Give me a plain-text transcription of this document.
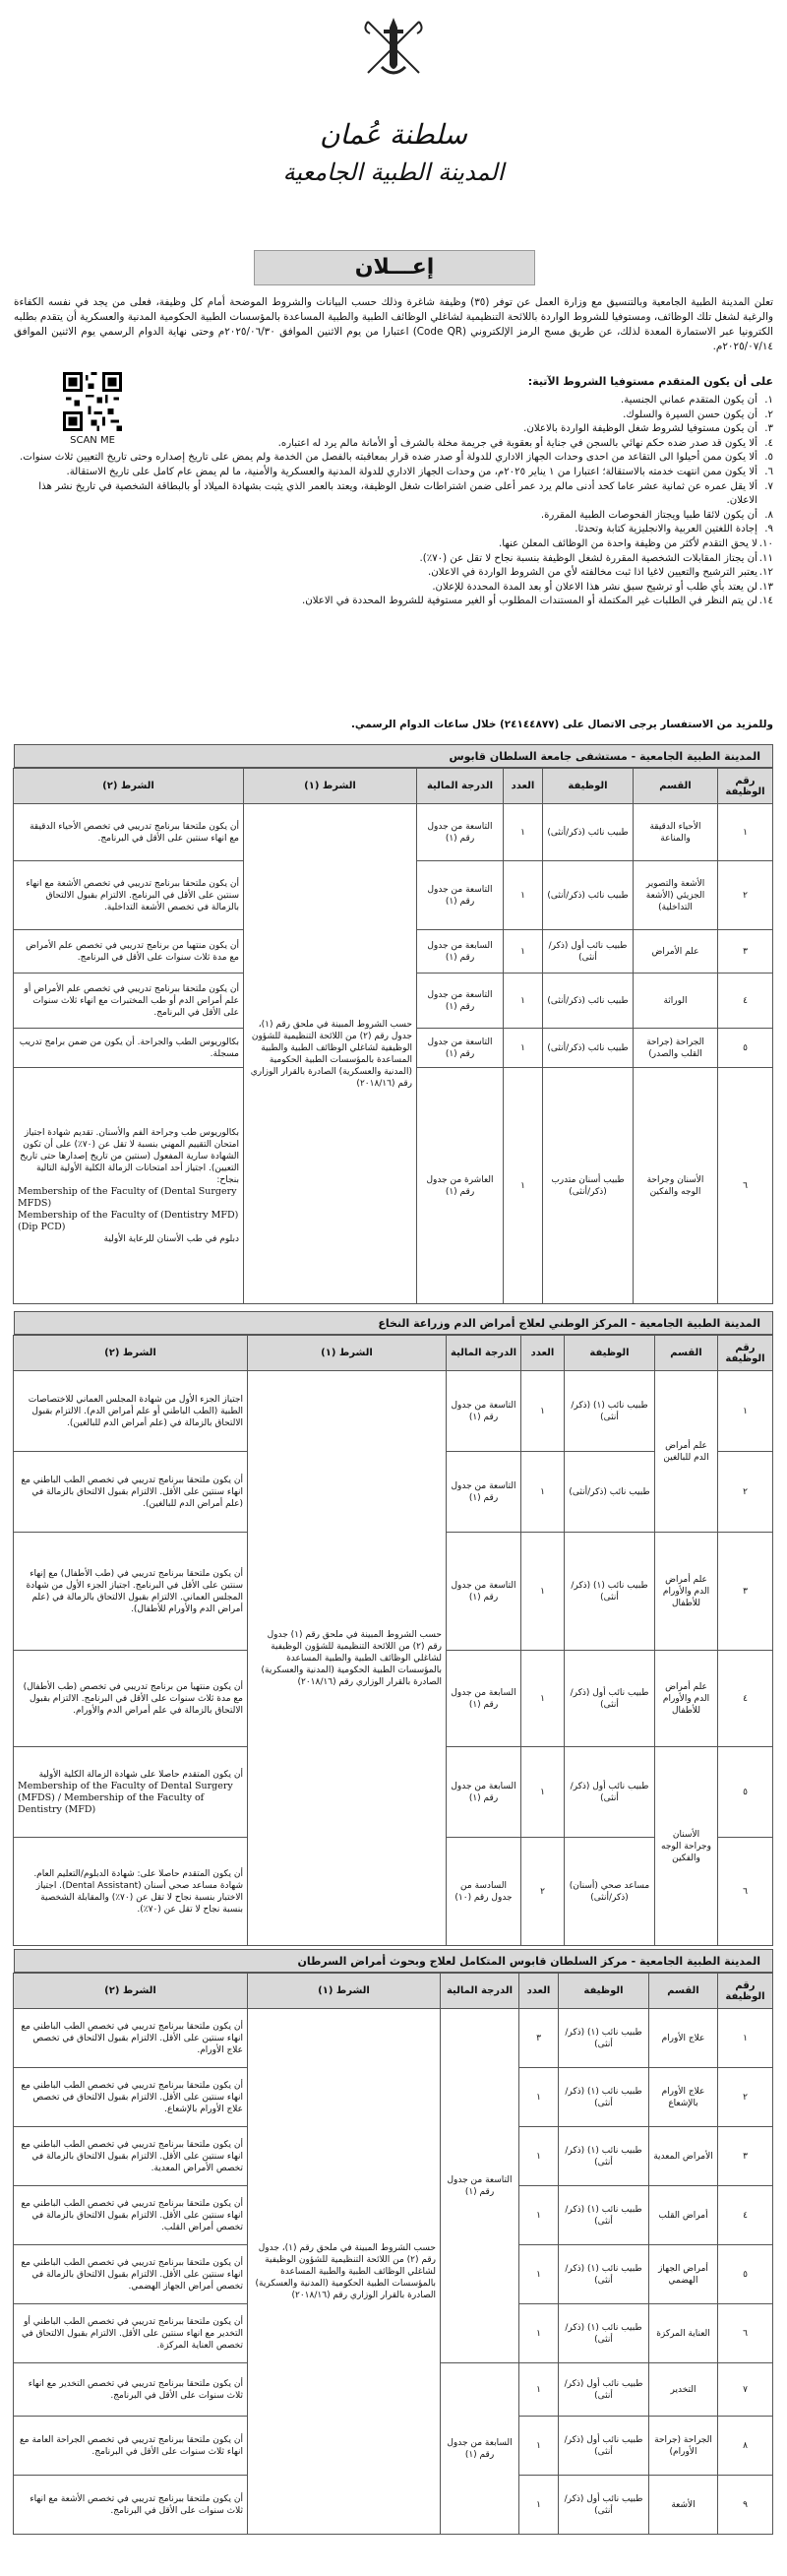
سلطنة عُمان
المدينة الطبية الجامعية
إعـــلان

تعلن المدينة الطبية الجامعية وبالتنسيق مع وزارة العمل عن توفر (٣٥) وظيفة شاغرة وذلك حسب البيانات والشروط الموضحة أمام كل وظيفة، فعلى من يجد في نفسه الكفاءة والرغبة لشغل تلك الوظائف، ومستوفيا للشروط الواردة باللائحة التنظيمية لشاغلي الوظائف الطبية والطبية المساعدة بالمؤسسات الطبية الحكومية المدنية والعسكرية أن يتقدم بطلبه الكترونيا عبر الاستمارة المعدة لذلك، عن طريق مسح الرمز الإلكتروني (Code QR) اعتبارا من يوم الاثنين الموافق ٢٠٢٥/٠٦/٣٠م وحتى نهاية الدوام الرسمي يوم الاثنين الموافق ٢٠٢٥/٠٧/١٤م.

SCAN ME
على أن يكون المتقدم مستوفيا الشروط الآتية:
١.
أن يكون المتقدم عماني الجنسية.
٢.
أن يكون حسن السيرة والسلوك.
٣.
أن يكون مستوفيا لشروط شغل الوظيفة الواردة بالاعلان.
٤.
ألا يكون قد صدر ضده حكم نهائي بالسجن في جناية أو بعقوبة في جريمة مخلة بالشرف أو الأمانة مالم يرد له اعتباره.
٥.
ألا يكون ممن أحيلوا الى التقاعد من احدى وحدات الجهاز الاداري للدولة أو صدر ضده قرار بمعاقبته بالفصل من الخدمة ولم يمض على تاريخ إصداره وحتى تاريخ التعيين ثلاث سنوات.
٦.
ألا يكون ممن انتهت خدمته بالاستقالة؛ اعتبارا من ١ يناير ٢٠٢٥م، من وحدات الجهاز الاداري للدولة المدنية والعسكرية والأمنية، ما لم يمض عام كامل على تاريخ الاستقالة.
٧.
ألا يقل عمره عن ثمانية عشر عاما كحد أدنى مالم يرد عمر أعلى ضمن اشتراطات شغل الوظيفة، ويعتد بالعمر الذي يثبت بشهادة الميلاد أو بالبطاقة الشخصية في تاريخ نشر هذا الاعلان.
٨.
أن يكون لائقا طبيا ويجتاز الفحوصات الطبية المقررة.
٩.
إجادة اللغتين العربية والانجليزية كتابة وتحدثا.
١٠.
لا يحق التقدم لأكثر من وظيفة واحدة من الوظائف المعلن عنها.
١١.
أن يجتاز المقابلات الشخصية المقررة لشغل الوظيفة بنسبة نجاح لا تقل عن (٧٠٪).
١٢.
يعتبر الترشيح والتعيين لاغيا اذا ثبت مخالفته لأي من الشروط الواردة في الاعلان.
١٣.
لن يعتد بأي طلب أو ترشيح سبق نشر هذا الاعلان أو بعد المدة المحددة للإعلان.
١٤.
لن يتم النظر في الطلبات غير المكتملة أو المستندات المطلوب أو الغير مستوفية للشروط المحددة في الاعلان.
وللمزيد من الاستفسار يرجى الاتصال على (٢٤١٤٤٨٧٧) خلال ساعات الدوام الرسمي.
المدينة الطبية الجامعية - مستشفى جامعة السلطان قابوس
رقم الوظيفة	القسم	الوظيفة	العدد	الدرجة المالية	الشرط (١)	الشرط (٢)
١	الأحياء الدقيقة والمناعة	طبيب نائب (ذكر/أنثى)	١	التاسعة من جدول رقم (١)	حسب الشروط المبينة في ملحق رقم (١)، جدول رقم (٢) من اللائحة التنظيمية للشؤون الوظيفية لشاغلي الوظائف الطبية والطبية المساعدة بالمؤسسات الطبية الحكومية (المدنية والعسكرية) الصادرة بالقرار الوزاري رقم (٢٠١٨/١٦)	أن يكون ملتحقا ببرنامج تدريبي في تخصص الأحياء الدقيقة مع انهاء سنتين على الأقل في البرنامج.

٢	الأشعة والتصوير الجزيئي (الأشعة التداخلية)	طبيب نائب (ذكر/أنثى)	١	التاسعة من جدول رقم (١)		أن يكون ملتحقا ببرنامج تدريبي في تخصص الأشعة مع انهاء سنتين على الأقل في البرنامج. الالتزام بقبول الالتحاق بالزمالة في تخصص الأشعة التداخلية.

٣	علم الأمراض	طبيب نائب أول (ذكر/أنثى)	١	السابعة من جدول رقم (١)		أن يكون منتهيا من برنامج تدريبي في تخصص علم الأمراض مع مدة ثلاث سنوات على الأقل في البرنامج.

٤	الوراثة	طبيب نائب (ذكر/أنثى)	١	التاسعة من جدول رقم (١)		أن يكون ملتحقا ببرنامج تدريبي في تخصص علم الأمراض أو علم أمراض الدم أو طب المختبرات مع انهاء ثلاث سنوات على الأقل في البرنامج.

٥	الجراحة (جراحة القلب والصدر)	طبيب نائب (ذكر/أنثى)	١	التاسعة من جدول رقم (١)		بكالوريوس الطب والجراحة. أن يكون من ضمن برامج تدريب مسجلة.

٦	الأسنان وجراحة الوجه والفكين	طبيب أسنان متدرب (ذكر/أنثى)	١	العاشرة من جدول رقم (١)		بكالوريوس طب وجراحة الفم والأسنان. تقديم شهادة اجتياز امتحان التقييم المهني بنسبة لا تقل عن (٧٠٪) على أن تكون الشهادة سارية المفعول (سنتين من تاريخ إصدارها حتى تاريخ التعيين). اجتياز أحد امتحانات الزمالة الكلية الأولية التالية بنجاح:
Membership of the Faculty of (Dental Surgery MFDS)
Membership of the Faculty of (Dentistry MFD)
(Dip PCD)
دبلوم في طب الأسنان للرعاية الأولية
المدينة الطبية الجامعية - المركز الوطني لعلاج أمراض الدم وزراعة النخاع
رقم الوظيفة	القسم	الوظيفة	العدد	الدرجة المالية	الشرط (١)	الشرط (٢)
١	علم أمراض الدم للبالغين	طبيب نائب (١) (ذكر/أنثى)	١	التاسعة من جدول رقم (١)	حسب الشروط المبينة في ملحق رقم (١) جدول رقم (٢) من اللائحة التنظيمية للشؤون الوظيفية لشاغلي الوظائف الطبية والطبية المساعدة بالمؤسسات الطبية الحكومية (المدنية والعسكرية) الصادرة بالقرار الوزاري رقم (٢٠١٨/١٦)	اجتياز الجزء الأول من شهادة المجلس العماني للاختصاصات الطبية (الطب الباطني أو علم أمراض الدم). الالتزام بقبول الالتحاق بالزمالة في (علم أمراض الدم للبالغين).

٢		طبيب نائب (ذكر/أنثى)	١	التاسعة من جدول رقم (١)		أن يكون ملتحقا ببرنامج تدريبي في تخصص الطب الباطني مع انهاء سنتين على الأقل. الالتزام بقبول الالتحاق بالزمالة في (علم أمراض الدم للبالغين).

٣	علم أمراض الدم والأورام للأطفال	طبيب نائب (١) (ذكر/أنثى)	١	التاسعة من جدول رقم (١)		أن يكون ملتحقا ببرنامج تدريبي في (طب الأطفال) مع إنهاء سنتين على الأقل في البرنامج. اجتياز الجزء الأول من شهادة المجلس العماني. الالتزام بقبول الالتحاق بالزمالة في (علم أمراض الدم والأورام للأطفال).

٤	علم أمراض الدم والأورام للأطفال	طبيب نائب أول (ذكر/أنثى)	١	السابعة من جدول رقم (١)		أن يكون منتهيا من برنامج تدريبي في تخصص (طب الأطفال) مع مدة ثلاث سنوات على الأقل في البرنامج. الالتزام بقبول الالتحاق بالزمالة في علم أمراض الدم والأورام.

٥	الأسنان وجراحة الوجه والفكين	طبيب نائب أول (ذكر/أنثى)	١	السابعة من جدول رقم (١)		أن يكون المتقدم حاصلا على شهادة الزمالة الكلية الأولية
Membership of the Faculty of Dental Surgery (MFDS) / Membership of the Faculty of Dentistry (MFD)

٦		مساعد صحي (أسنان) (ذكر/أنثى)	٢	السادسة من جدول رقم (١٠)		أن يكون المتقدم حاصلا على: شهادة الدبلوم/التعليم العام. شهادة مساعد صحي أسنان (Dental Assistant). اجتياز الاختبار بنسبة نجاح لا تقل عن (٧٠٪) والمقابلة الشخصية بنسبة نجاح لا تقل عن (٧٠٪).
المدينة الطبية الجامعية - مركز السلطان قابوس المتكامل لعلاج وبحوث أمراض السرطان
رقم الوظيفة	القسم	الوظيفة	العدد	الدرجة المالية	الشرط (١)	الشرط (٢)
١	علاج الأورام	طبيب نائب (١) (ذكر/أنثى)	٣	التاسعة من جدول رقم (١)	حسب الشروط المبينة في ملحق رقم (١)، جدول رقم (٢) من اللائحة التنظيمية للشؤون الوظيفية لشاغلي الوظائف الطبية والطبية المساعدة بالمؤسسات الطبية الحكومية (المدنية والعسكرية) الصادرة بالقرار الوزاري رقم (٢٠١٨/١٦)	أن يكون ملتحقا ببرنامج تدريبي في تخصص الطب الباطني مع انهاء سنتين على الأقل. الالتزام بقبول الالتحاق في تخصص علاج الأورام.

٢	علاج الأورام بالإشعاع	طبيب نائب (١) (ذكر/أنثى)	١			أن يكون ملتحقا ببرنامج تدريبي في تخصص الطب الباطني مع انهاء سنتين على الأقل. الالتزام بقبول الالتحاق في تخصص علاج الأورام بالإشعاع.

٣	الأمراض المعدية	طبيب نائب (١) (ذكر/أنثى)	١			أن يكون ملتحقا ببرنامج تدريبي في تخصص الطب الباطني مع انهاء سنتين على الأقل. الالتزام بقبول الالتحاق بالزمالة في تخصص الأمراض المعدية.

٤	أمراض القلب	طبيب نائب (١) (ذكر/أنثى)	١			أن يكون ملتحقا ببرنامج تدريبي في تخصص الطب الباطني مع انهاء سنتين على الأقل. الالتزام بقبول الالتحاق بالزمالة في تخصص أمراض القلب.

٥	أمراض الجهاز الهضمي	طبيب نائب (١) (ذكر/أنثى)	١			أن يكون ملتحقا ببرنامج تدريبي في تخصص الطب الباطني مع انهاء سنتين على الأقل. الالتزام بقبول الالتحاق بالزمالة في تخصص أمراض الجهاز الهضمي.

٦	العناية المركزة	طبيب نائب (١) (ذكر/أنثى)	١			أن يكون ملتحقا ببرنامج تدريبي في تخصص الطب الباطني أو التخدير مع انهاء سنتين على الأقل. الالتزام بقبول الالتحاق في تخصص العناية المركزة.

٧	التخدير	طبيب نائب أول (ذكر/أنثى)	١	السابعة من جدول رقم (١)		أن يكون ملتحقا ببرنامج تدريبي في تخصص التخدير مع انهاء ثلاث سنوات على الأقل في البرنامج.

٨	الجراحة (جراحة الأورام)	طبيب نائب أول (ذكر/أنثى)	١			أن يكون ملتحقا ببرنامج تدريبي في تخصص الجراحة العامة مع انهاء ثلاث سنوات على الأقل في البرنامج.

٩	الأشعة	طبيب نائب أول (ذكر/أنثى)	١			أن يكون ملتحقا ببرنامج تدريبي في تخصص الأشعة مع انهاء ثلاث سنوات على الأقل في البرنامج.
